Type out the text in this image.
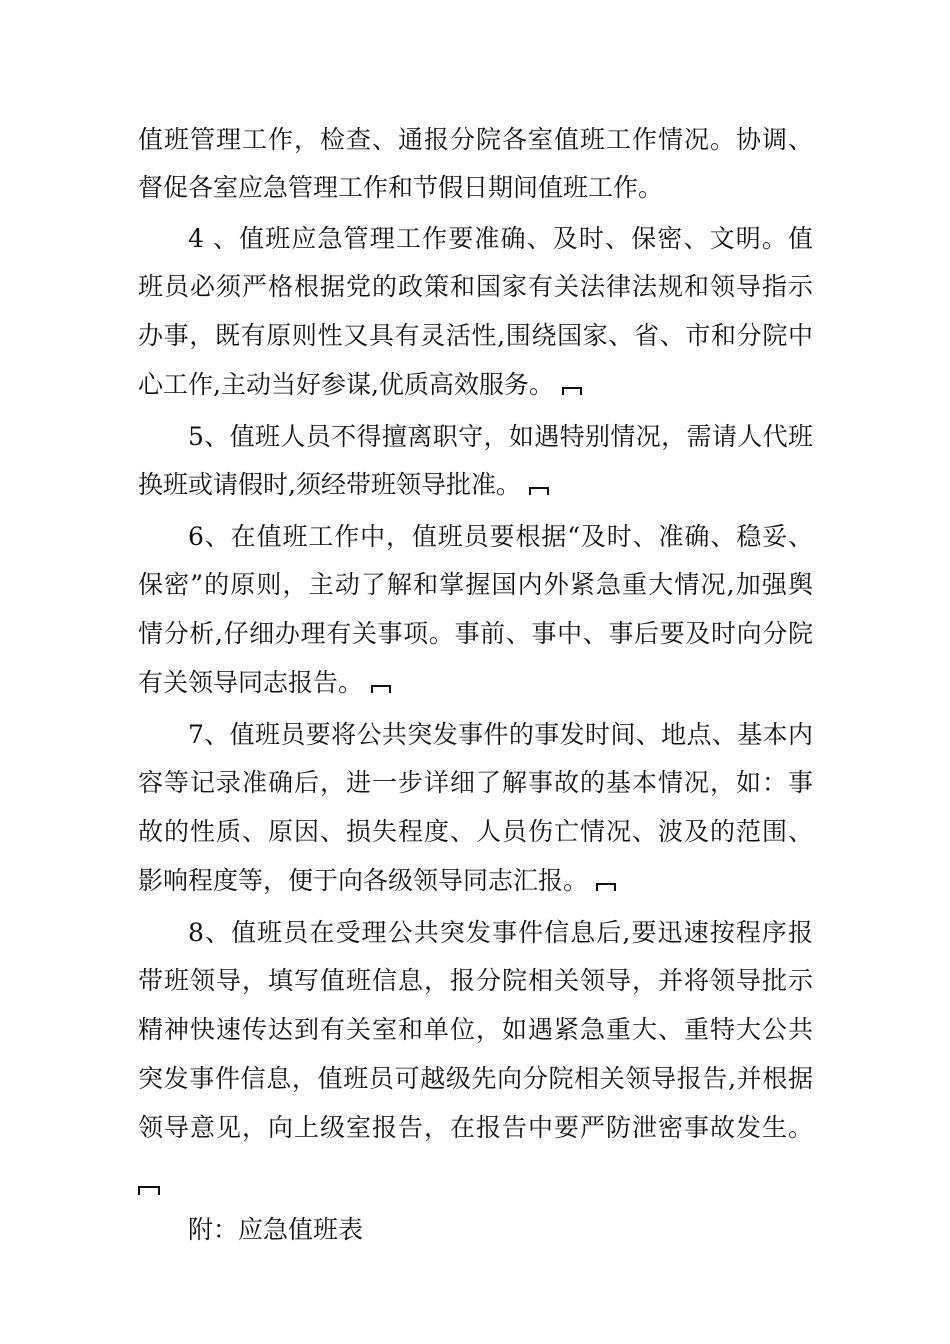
值班管理工作，检查、通报分院各室值班工作情况。协调、
督促各室应急管理工作和节假日期间值班工作。
4 、值班应急管理工作要准确、及时、保密、文明。值
班员必须严格根据党的政策和国家有关法律法规和领导指示
办事，既有原则性又具有灵活性,围绕国家、省、市和分院中
心工作,主动当好参谋,优质高效服务。
5、值班人员不得擅离职守，如遇特别情况，需请人代班
换班或请假时,须经带班领导批准。
6、在值班工作中，值班员要根据“及时、准确、稳妥、
保密”的原则，主动了解和掌握国内外紧急重大情况,加强舆
情分析,仔细办理有关事项。事前、事中、事后要及时向分院
有关领导同志报告。
7、值班员要将公共突发事件的事发时间、地点、基本内
容等记录准确后，进一步详细了解事故的基本情况，如：事
故的性质、原因、损失程度、人员伤亡情况、波及的范围、
影响程度等，便于向各级领导同志汇报。
8、值班员在受理公共突发事件信息后,要迅速按程序报
带班领导，填写值班信息，报分院相关领导，并将领导批示
精神快速传达到有关室和单位，如遇紧急重大、重特大公共
突发事件信息，值班员可越级先向分院相关领导报告,并根据
领导意见，向上级室报告，在报告中要严防泄密事故发生。
附：应急值班表
